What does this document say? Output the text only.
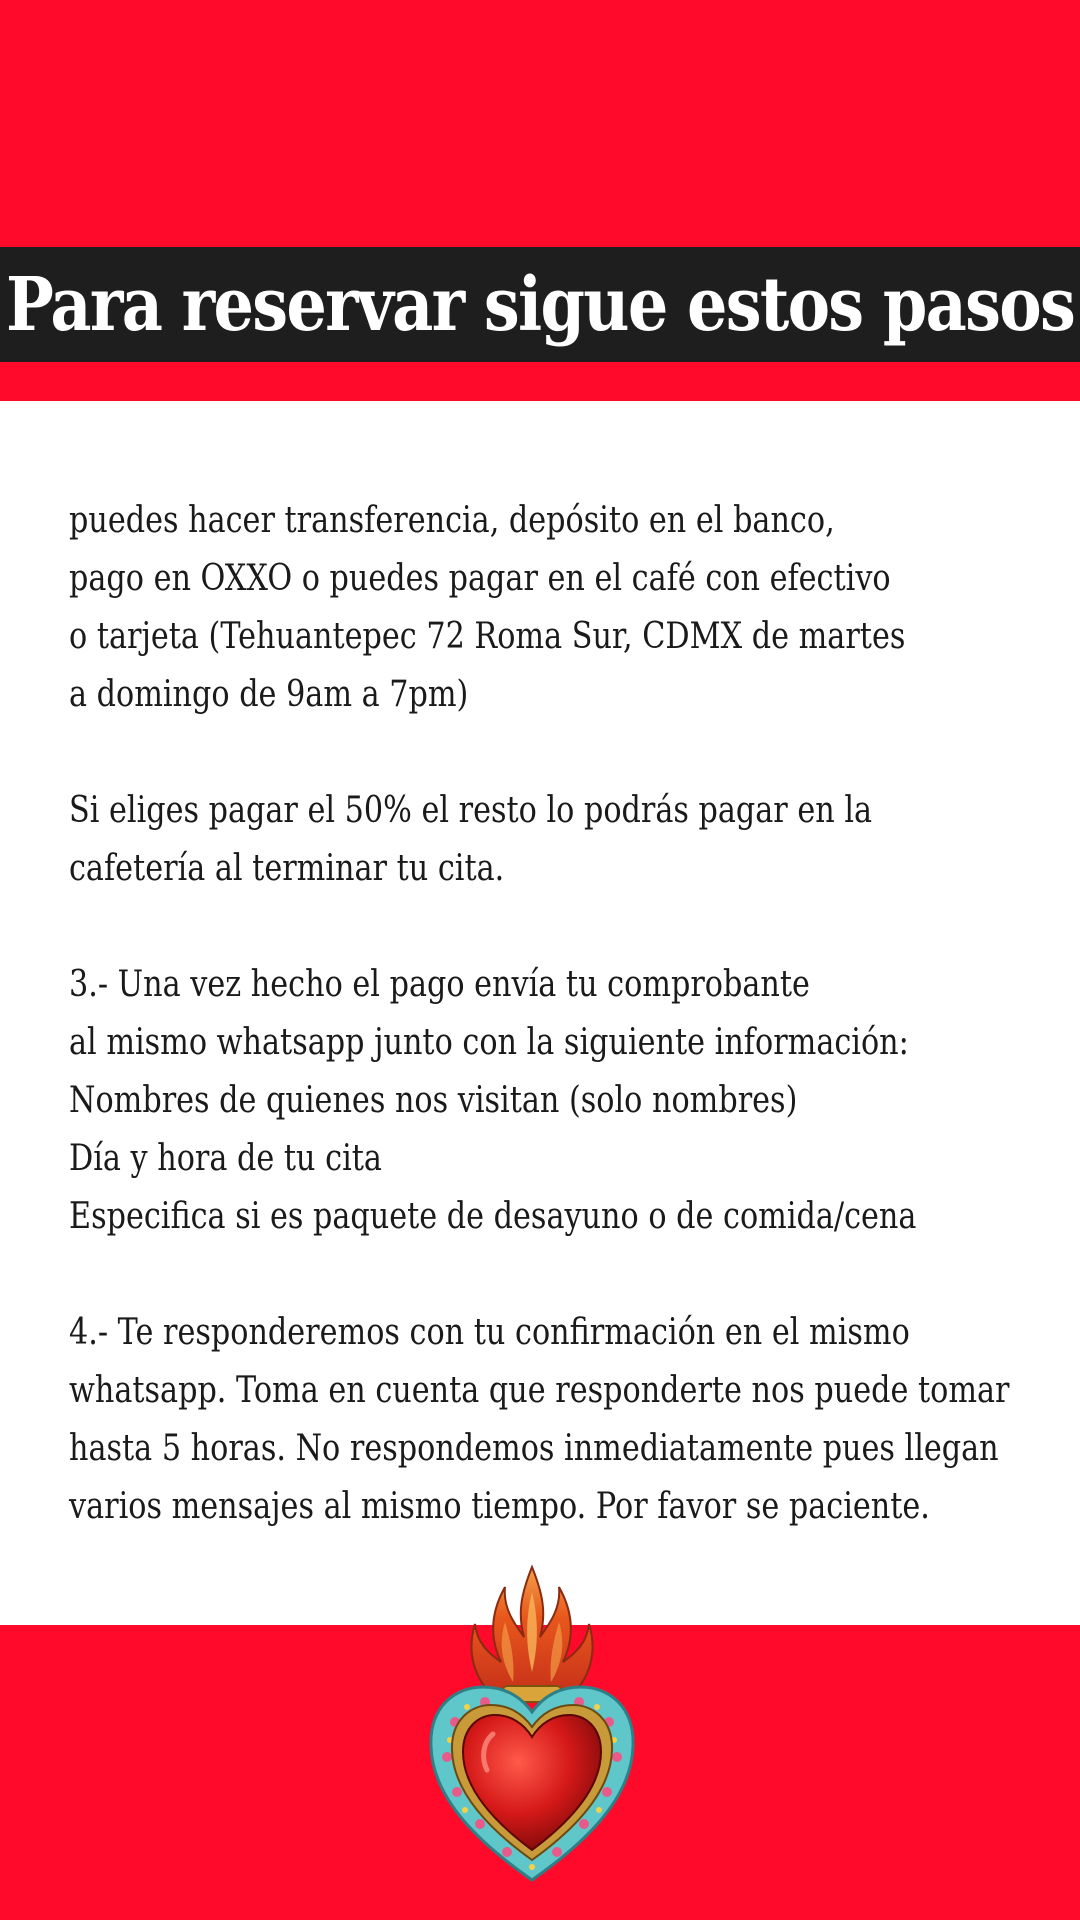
Para reservar sigue estos pasos

puedes hacer transferencia, depósito en el banco,
pago en OXXO o puedes pagar en el café con efectivo
o tarjeta (Tehuantepec 72 Roma Sur, CDMX de martes
a domingo de 9am a 7pm)

Si eliges pagar el 50% el resto lo podrás pagar en la
cafetería al terminar tu cita.

3.- Una vez hecho el pago envía tu comprobante
al mismo whatsapp junto con la siguiente información:
Nombres de quienes nos visitan (solo nombres)
Día y hora de tu cita
Especifica si es paquete de desayuno o de comida/cena

4.- Te responderemos con tu confirmación en el mismo
whatsapp. Toma en cuenta que responderte nos puede tomar
hasta 5 horas. No respondemos inmediatamente pues llegan
varios mensajes al mismo tiempo. Por favor se paciente.
